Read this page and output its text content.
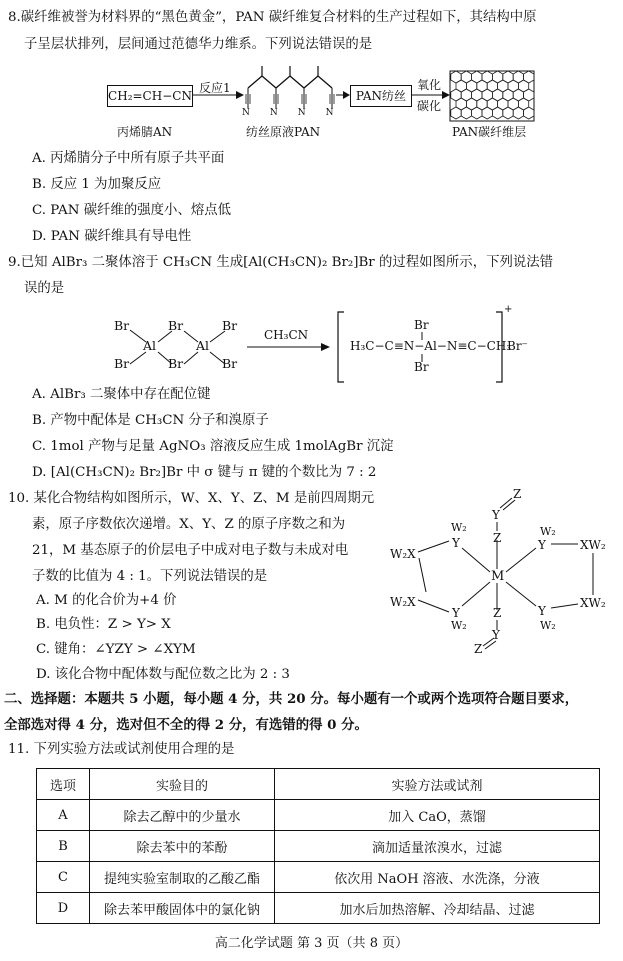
8.碳纤维被誉为材料界的“黑色黄金”，PAN 碳纤维复合材料的生产过程如下，其结构中原
子呈层状排列，层间通过范德华力维系。下列说法错误的是
CH₂=CH−CN
丙烯腈AN
反应1
NNNN
纺丝原液PAN
PAN纺丝
氧化
碳化
PAN碳纤维层
A. 丙烯腈分子中所有原子共平面
B. 反应 1 为加聚反应
C. PAN 碳纤维的强度小、熔点低
D. PAN 碳纤维具有导电性
9.已知 AlBr₃ 二聚体溶于 CH₃CN 生成[Al(CH₃CN)₂ Br₂]Br 的过程如图所示，下列说法错
误的是
Br
Br
Br
Br
Br
Br
Al	Al
CH₃CN
Br
H₃C−C≡N−Al−N≡C−CH₃
Br
+
Br⁻
A. AlBr₃ 二聚体中存在配位键
B. 产物中配体是 CH₃CN 分子和溴原子
C. 1mol 产物与足量 AgNO₃ 溶液反应生成 1molAgBr 沉淀
D. [Al(CH₃CN)₂ Br₂]Br 中 σ 键与 π 键的个数比为 7 : 2
10. 某化合物结构如图所示，W、X、Y、Z、M 是前四周期元
素，原子序数依次递增。X、Y、Z 的原子序数之和为
21，M 基态原子的价层电子中成对电子数与未成对电
子数的比值为 4 : 1。下列说法错误的是
A. M 的化合价为+4 价
B. 电负性：Z > Y> X
C. 键角：∠YZY > ∠XYM
D. 该化合物中配体数与配位数之比为 2 : 3
Z
Y
Z
M
Z
Y
Z
W₂
Y
W₂X
W₂X
Y
W₂
W₂
Y	XW₂
XW₂
Y
W₂
二、选择题：本题共 5 小题，每小题 4 分，共 20 分。每小题有一个或两个选项符合题目要求，
全部选对得 4 分，选对但不全的得 2 分，有选错的得 0 分。
11. 下列实验方法或试剂使用合理的是
选项	实验目的	实验方法或试剂
A	除去乙醇中的少量水	加入 CaO，蒸馏
B	除去苯中的苯酚	滴加适量浓溴水，过滤
C	提纯实验室制取的乙酸乙酯	依次用 NaOH 溶液、水洗涤，分液
D	除去苯甲酸固体中的氯化钠	加水后加热溶解、冷却结晶、过滤
高二化学试题 第 3 页（共 8 页）
